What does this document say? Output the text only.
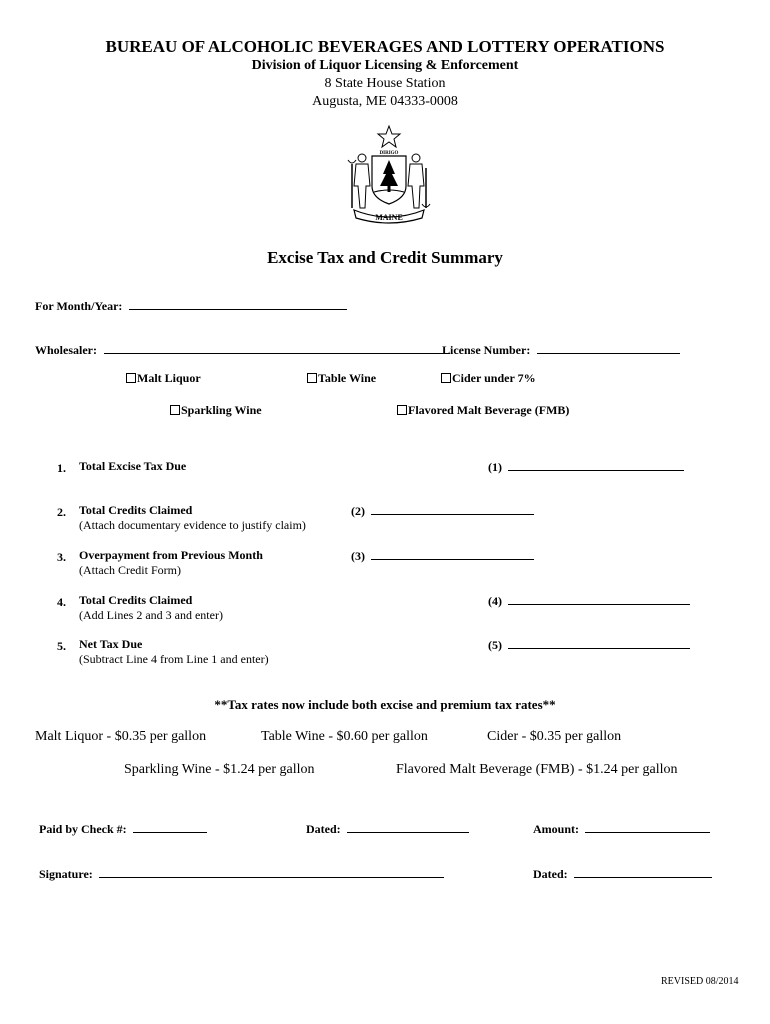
BUREAU OF ALCOHOLIC BEVERAGES AND LOTTERY OPERATIONS
Division of Liquor Licensing & Enforcement
8 State House Station
Augusta, ME 04333-0008
DIRIGO
MAINE
Excise Tax and Credit Summary
For Month/Year:
Wholesaler:	License Number:
Malt Liquor	Table Wine	Cider under 7%
Sparkling Wine	Flavored Malt Beverage (FMB)
1. Total Excise Tax Due	(1)
2. Total Credits Claimed
(Attach documentary evidence to justify claim)
(2)
3. Overpayment from Previous Month
(Attach Credit Form)
(3)
4. Total Credits Claimed
(Add Lines 2 and 3 and enter)
(4)
5. Net Tax Due
(Subtract Line 4 from Line 1 and enter)
(5)
**Tax rates now include both excise and premium tax rates**
Malt Liquor - $0.35 per gallon	Table Wine - $0.60 per gallon	Cider - $0.35 per gallon
Sparkling Wine - $1.24 per gallon	Flavored Malt Beverage (FMB) - $1.24 per gallon
Paid by Check #:	Dated:	Amount:
Signature:	Dated:
REVISED 08/2014
